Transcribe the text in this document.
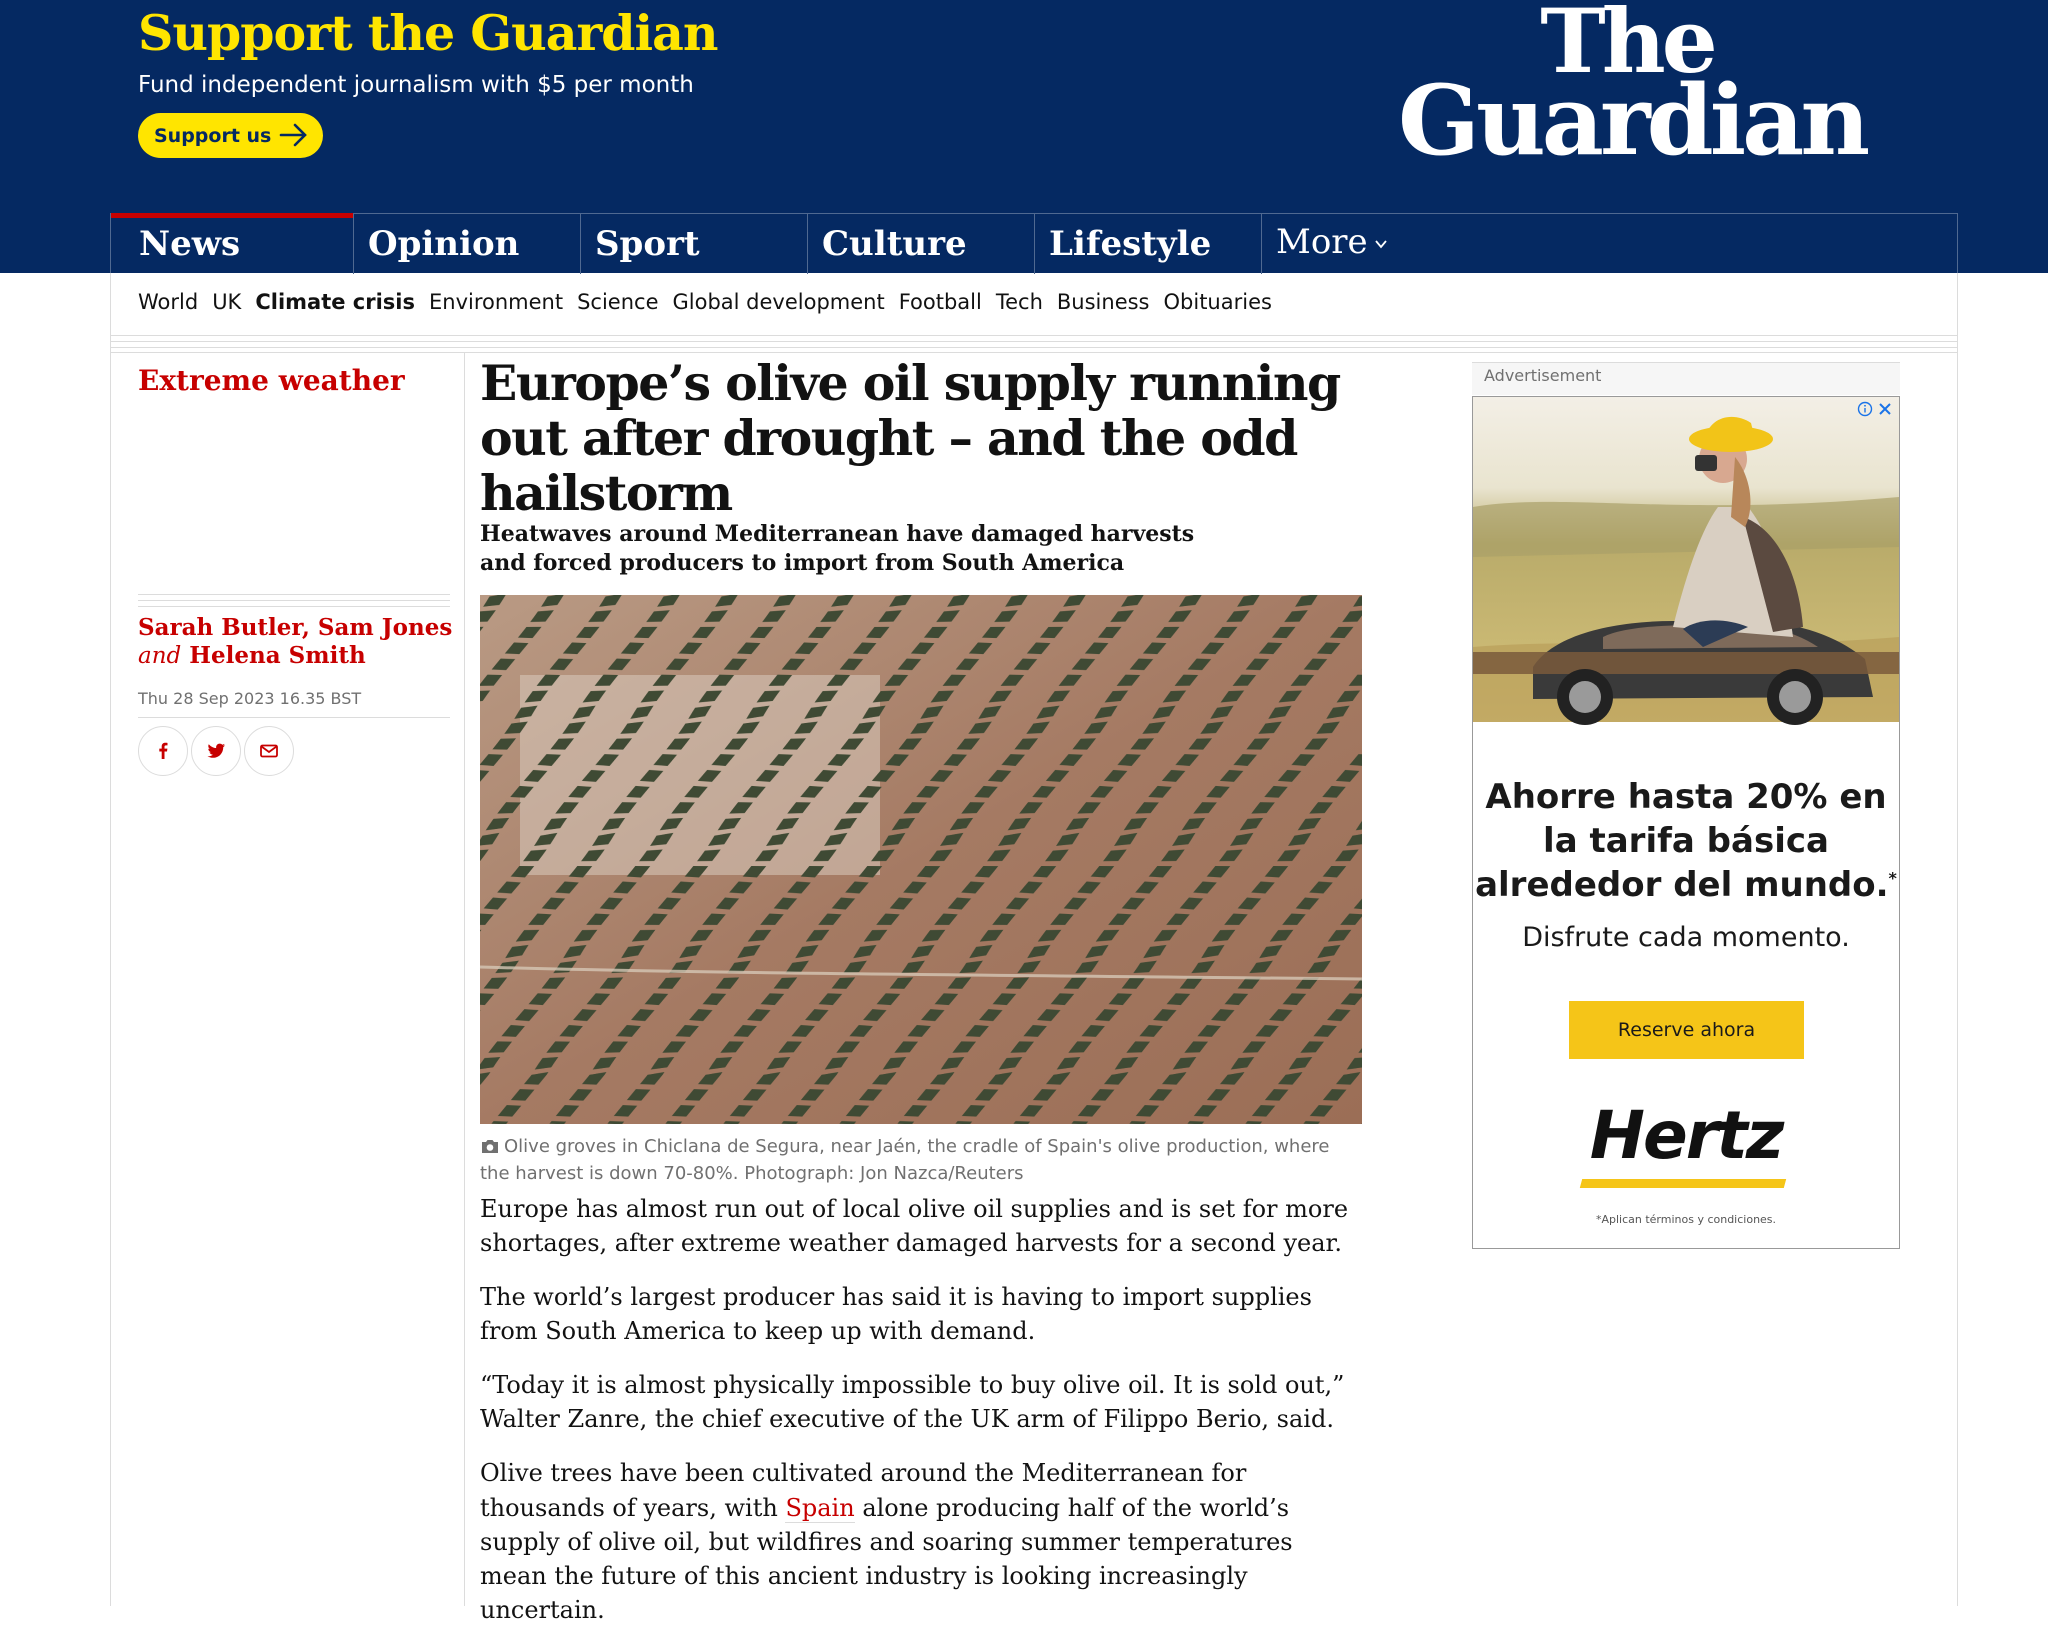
Support the Guardian
Fund independent journalism with $5 per month
Support us
The
Guardian
News	Opinion	Sport	Culture	Lifestyle	More
World UK Climate crisis Environment Science Global development Football Tech Business Obituaries
Extreme weather
Sarah Butler, Sam Jones
and Helena Smith
Thu 28 Sep 2023 16.35 BST
Europe’s olive oil supply running out after drought – and the odd hailstorm
Heatwaves around Mediterranean have damaged harvests and forced producers to import from South America
Olive groves in Chiclana de Segura, near Jaén, the cradle of Spain's olive production, where the harvest is down 70-80%. Photograph: Jon Nazca/Reuters

Europe has almost run out of local olive oil supplies and is set for more shortages, after extreme weather damaged harvests for a second year.

The world’s largest producer has said it is having to import supplies from South America to keep up with demand.

“Today it is almost physically impossible to buy olive oil. It is sold out,” Walter Zanre, the chief executive of the UK arm of Filippo Berio, said.

Olive trees have been cultivated around the Mediterranean for thousands of years, with Spain alone producing half of the world’s supply of olive oil, but wildfires and soaring summer temperatures mean the future of this ancient industry is looking increasingly uncertain.

Advertisement
Ahorre hasta 20% en la tarifa básica alrededor del mundo.*
Disfrute cada momento.
Reserve ahora
Hertz
*Aplican términos y condiciones.
